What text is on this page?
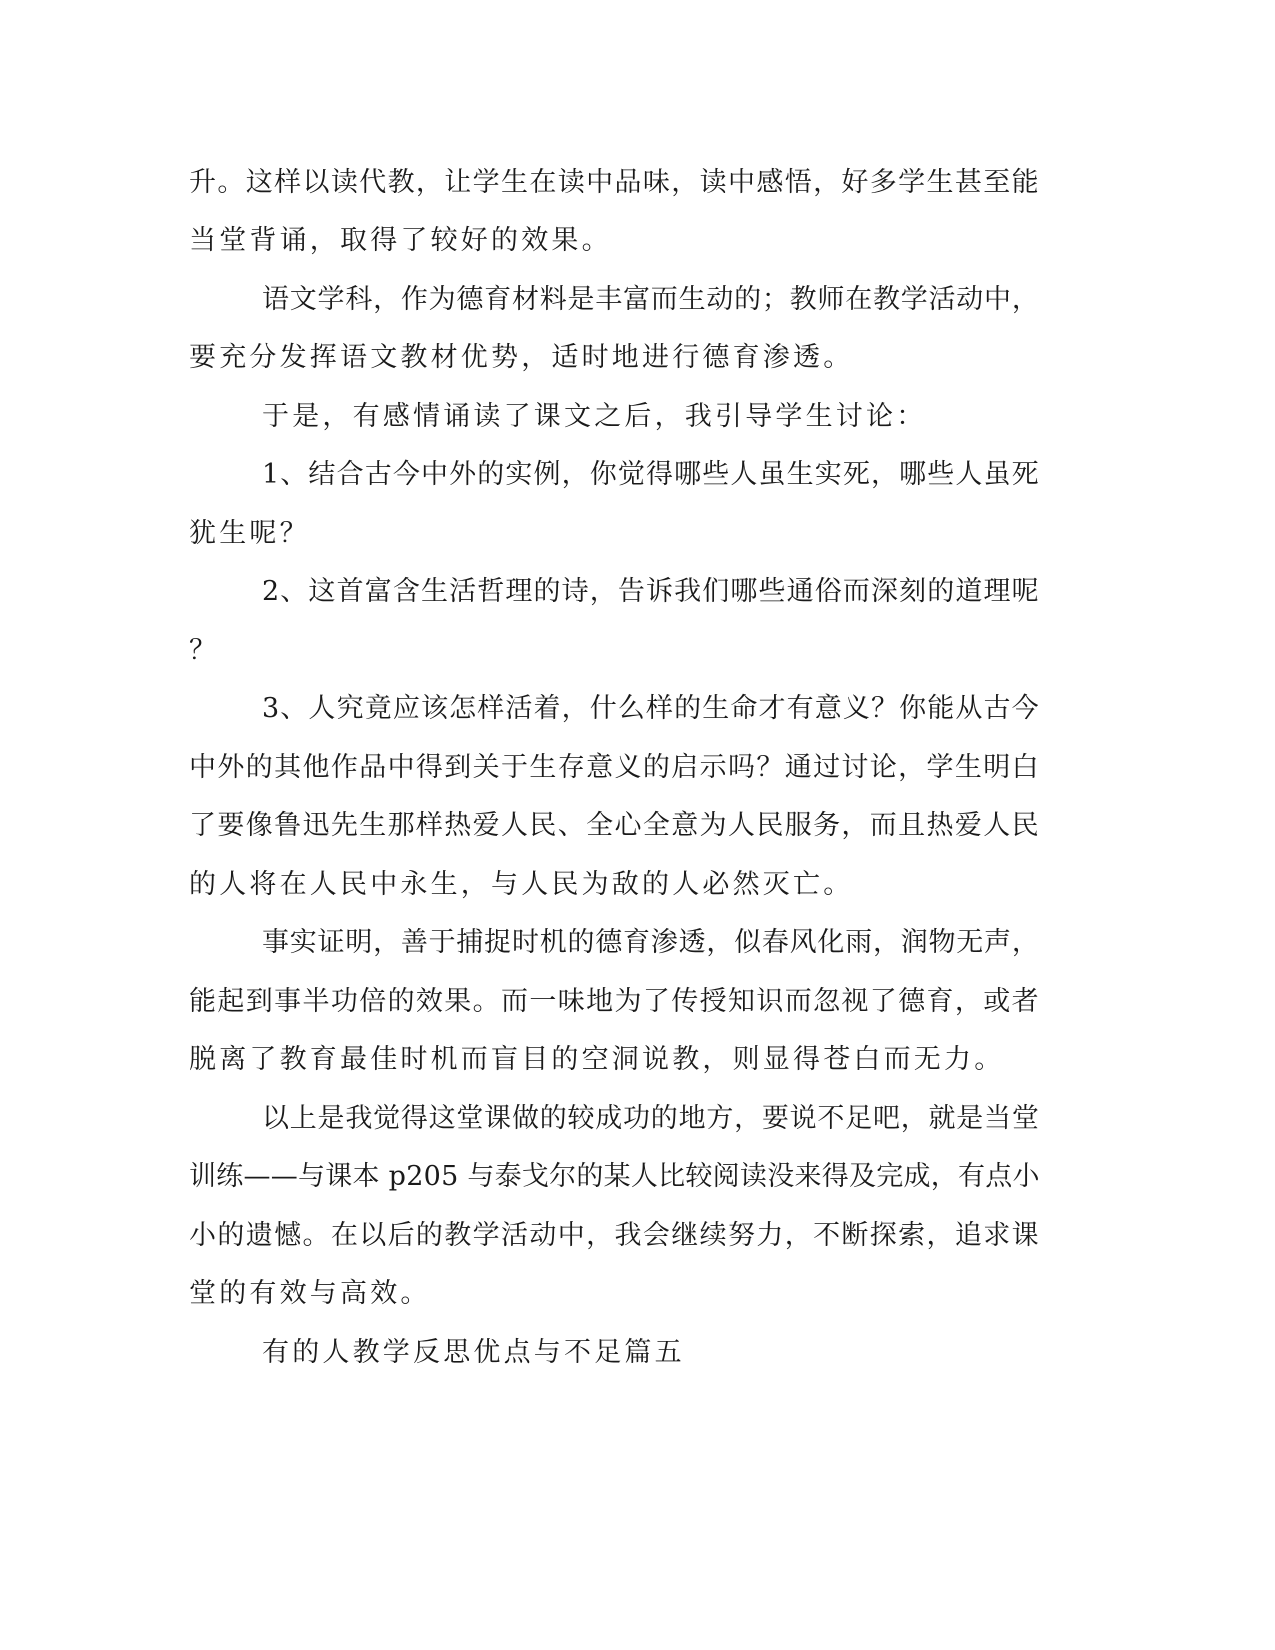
升。这样以读代教，让学生在读中品味，读中感悟，好多学生甚至能
当堂背诵，取得了较好的效果。
语文学科，作为德育材料是丰富而生动的；教师在教学活动中，
要充分发挥语文教材优势，适时地进行德育渗透。
于是，有感情诵读了课文之后，我引导学生讨论：
1、结合古今中外的实例，你觉得哪些人虽生实死，哪些人虽死
犹生呢？
2、这首富含生活哲理的诗，告诉我们哪些通俗而深刻的道理呢
？
3、人究竟应该怎样活着，什么样的生命才有意义？你能从古今
中外的其他作品中得到关于生存意义的启示吗？通过讨论，学生明白
了要像鲁迅先生那样热爱人民、全心全意为人民服务，而且热爱人民
的人将在人民中永生，与人民为敌的人必然灭亡。
事实证明，善于捕捉时机的德育渗透，似春风化雨，润物无声，
能起到事半功倍的效果。而一味地为了传授知识而忽视了德育，或者
脱离了教育最佳时机而盲目的空洞说教，则显得苍白而无力。
以上是我觉得这堂课做的较成功的地方，要说不足吧，就是当堂
训练——与课本 p205 与泰戈尔的某人比较阅读没来得及完成，有点小
小的遗憾。在以后的教学活动中，我会继续努力，不断探索，追求课
堂的有效与高效。
有的人教学反思优点与不足篇五
